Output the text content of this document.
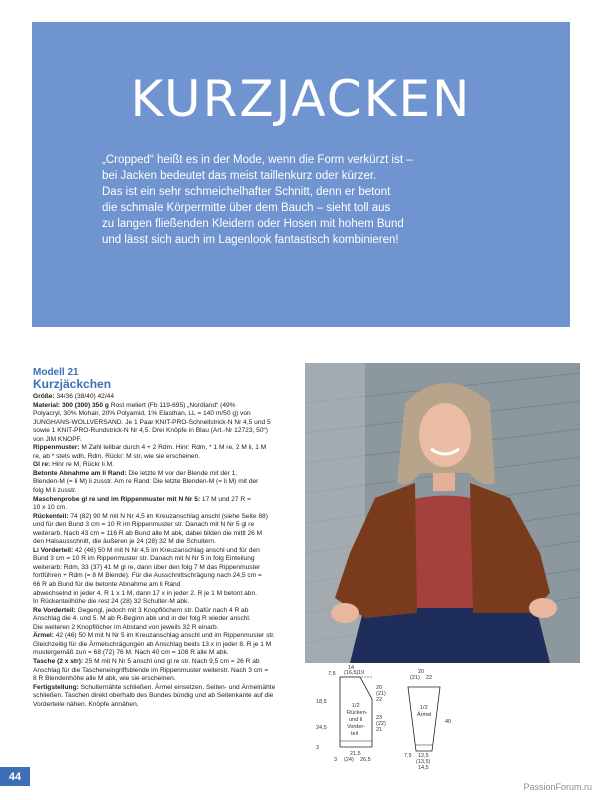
KURZJACKEN
„Cropped“ heißt es in der Mode, wenn die Form verkürzt ist –
bei Jacken bedeutet das meist taillenkurz oder kürzer.
Das ist ein sehr schmeichelhafter Schnitt, denn er betont
die schmale Körpermitte über dem Bauch – sieht toll aus
zu langen fließenden Kleidern oder Hosen mit hohem Bund
und lässt sich auch im Lagenlook fantastisch kombinieren!
Modell 21
Kurzjäckchen
Größe: 34/36 (38/40) 42/44
Material: 300 (300) 350 g Rost meliert (Fb 119-695) „Nordland“ (49%
Polyacryl, 30% Mohair, 20% Polyamid, 1% Elasthan, LL = 140 m/50 g) von
JUNGHANS-WOLLVERSAND. Je 1 Paar KNIT-PRO-Schnellstrick-N Nr 4,5 und 5
sowie 1 KNIT-PRO-Rundstrick-N Nr 4,5. Drei Knöpfe in Blau (Art.-Nr 12723, 50“)
von JIM KNOPF.
Rippenmuster: M Zahl teilbar durch 4 + 2 Rdm. Hinr: Rdm, * 1 M re, 2 M li, 1 M
re, ab * stets wdh, Rdm. Rückr: M str, wie sie erscheinen.
Gl re: Hinr re M, Rückr li M.
Betonte Abnahme am li Rand: Die letzte M vor der Blende mit der 1.
Blenden-M (= li M) li zusstr. Am re Rand: Die letzte Blenden-M (= li M) mit der
folg M li zusstr.
Maschenprobe gl re und im Rippenmuster mit N Nr 5: 17 M und 27 R =
10 x 10 cm.
Rückenteil: 74 (82) 90 M mit N Nr 4,5 im Kreuzanschlag anschl (siehe Seite 88)
und für den Bund 3 cm = 10 R im Rippenmuster str. Danach mit N Nr 5 gl re
weiterarb. Nach 43 cm = 116 R ab Bund alle M abk, dabei bilden die mittl 26 M
den Halsausschnitt, die äußeren je 24 (28) 32 M die Schultern.
Li Vorderteil: 42 (46) 50 M mit N Nr 4,5 im Kreuzanschlag anschl und für den
Bund 3 cm = 10 R im Rippenmuster str. Danach mit N Nr 5 in folg Einteilung
weiterarb: Rdm, 33 (37) 41 M gl re, dann über den folg 7 M das Rippenmuster
fortführen + Rdm (= 8 M Blende). Für die Ausschnittschrägung nach 24,5 cm =
66 R ab Bund für die betonte Abnahme am li Rand
abwechselnd in jeder 4. R 1 x 1 M, dann 17 x in jeder 2. R je 1 M betont abn.
In Rückenteilhöhe die rest 24 (28) 32 Schulter-M abk.
Re Vorderteil: Gegengl, jedoch mit 3 Knopflöchern str. Dafür nach 4 R ab
Anschlag die 4. und 5. M ab R-Beginn abk und in der folg R wieder anschl.
Die weiteren 2 Knopflöcher im Abstand von jeweils 32 R einarb.
Ärmel: 42 (46) 50 M mit N Nr 5 im Kreuzanschlag anschl und im Rippenmuster str.
Gleichzeitig für die Ärmelschrägungen ab Anschlag beids 13 x in jeder 8. R je 1 M
mustergemäß zun = 68 (72) 76 M. Nach 40 cm = 108 R alle M abk.
Tasche (2 x str): 25 M mit N Nr 5 anschl und gl re str. Nach 9,5 cm = 26 R ab
Anschlag für die Tascheneingriffsblende im Rippenmuster weiterstr. Nach 3 cm =
8 R Blendenhöhe alle M abk, wie sie erscheinen.
Fertigstellung: Schulternähte schließen. Ärmel einsetzen, Seiten- und Ärmelnähte
schließen. Taschen direkt oberhalb des Bundes bündig und ab Seitenkante auf die
Vorderteile nähen. Knöpfe annähen.
14
(16,5) 19
7,5
18,5
24,5
3
1/2
Rücken-
und li
Vorder-
teil
20
(21)
22
23
(22)
21
21,5
(24) 26,5
3
20
(21) 22
1/2
Ärmel
40
7,5 12,5
(13,5)
14,5
44
PassionForum.ru
